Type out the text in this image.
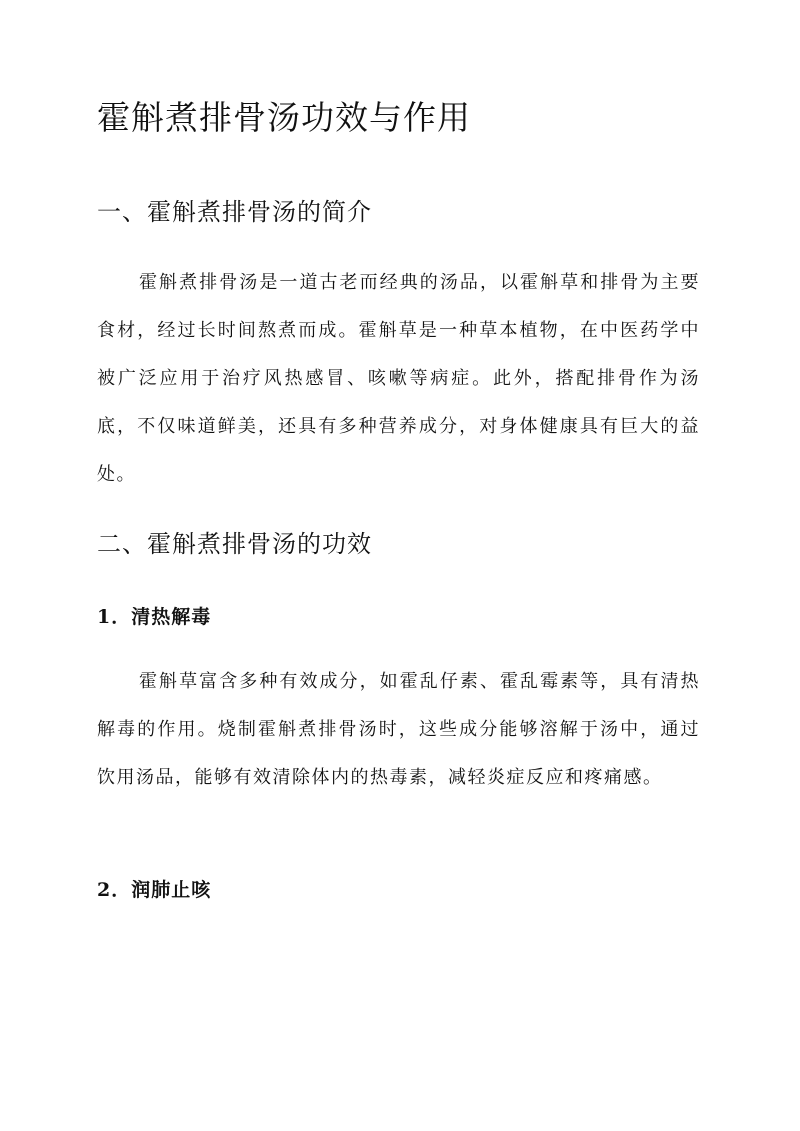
霍斛煮排骨汤功效与作用
一、霍斛煮排骨汤的简介

霍斛煮排骨汤是一道古老而经典的汤品，以霍斛草和排骨为主要食材，经过长时间熬煮而成。霍斛草是一种草本植物，在中医药学中被广泛应用于治疗风热感冒、咳嗽等病症。此外，搭配排骨作为汤底，不仅味道鲜美，还具有多种营养成分，对身体健康具有巨大的益处。

二、霍斛煮排骨汤的功效
1．清热解毒

霍斛草富含多种有效成分，如霍乱仔素、霍乱霉素等，具有清热解毒的作用。烧制霍斛煮排骨汤时，这些成分能够溶解于汤中，通过饮用汤品，能够有效清除体内的热毒素，减轻炎症反应和疼痛感。

2．润肺止咳
